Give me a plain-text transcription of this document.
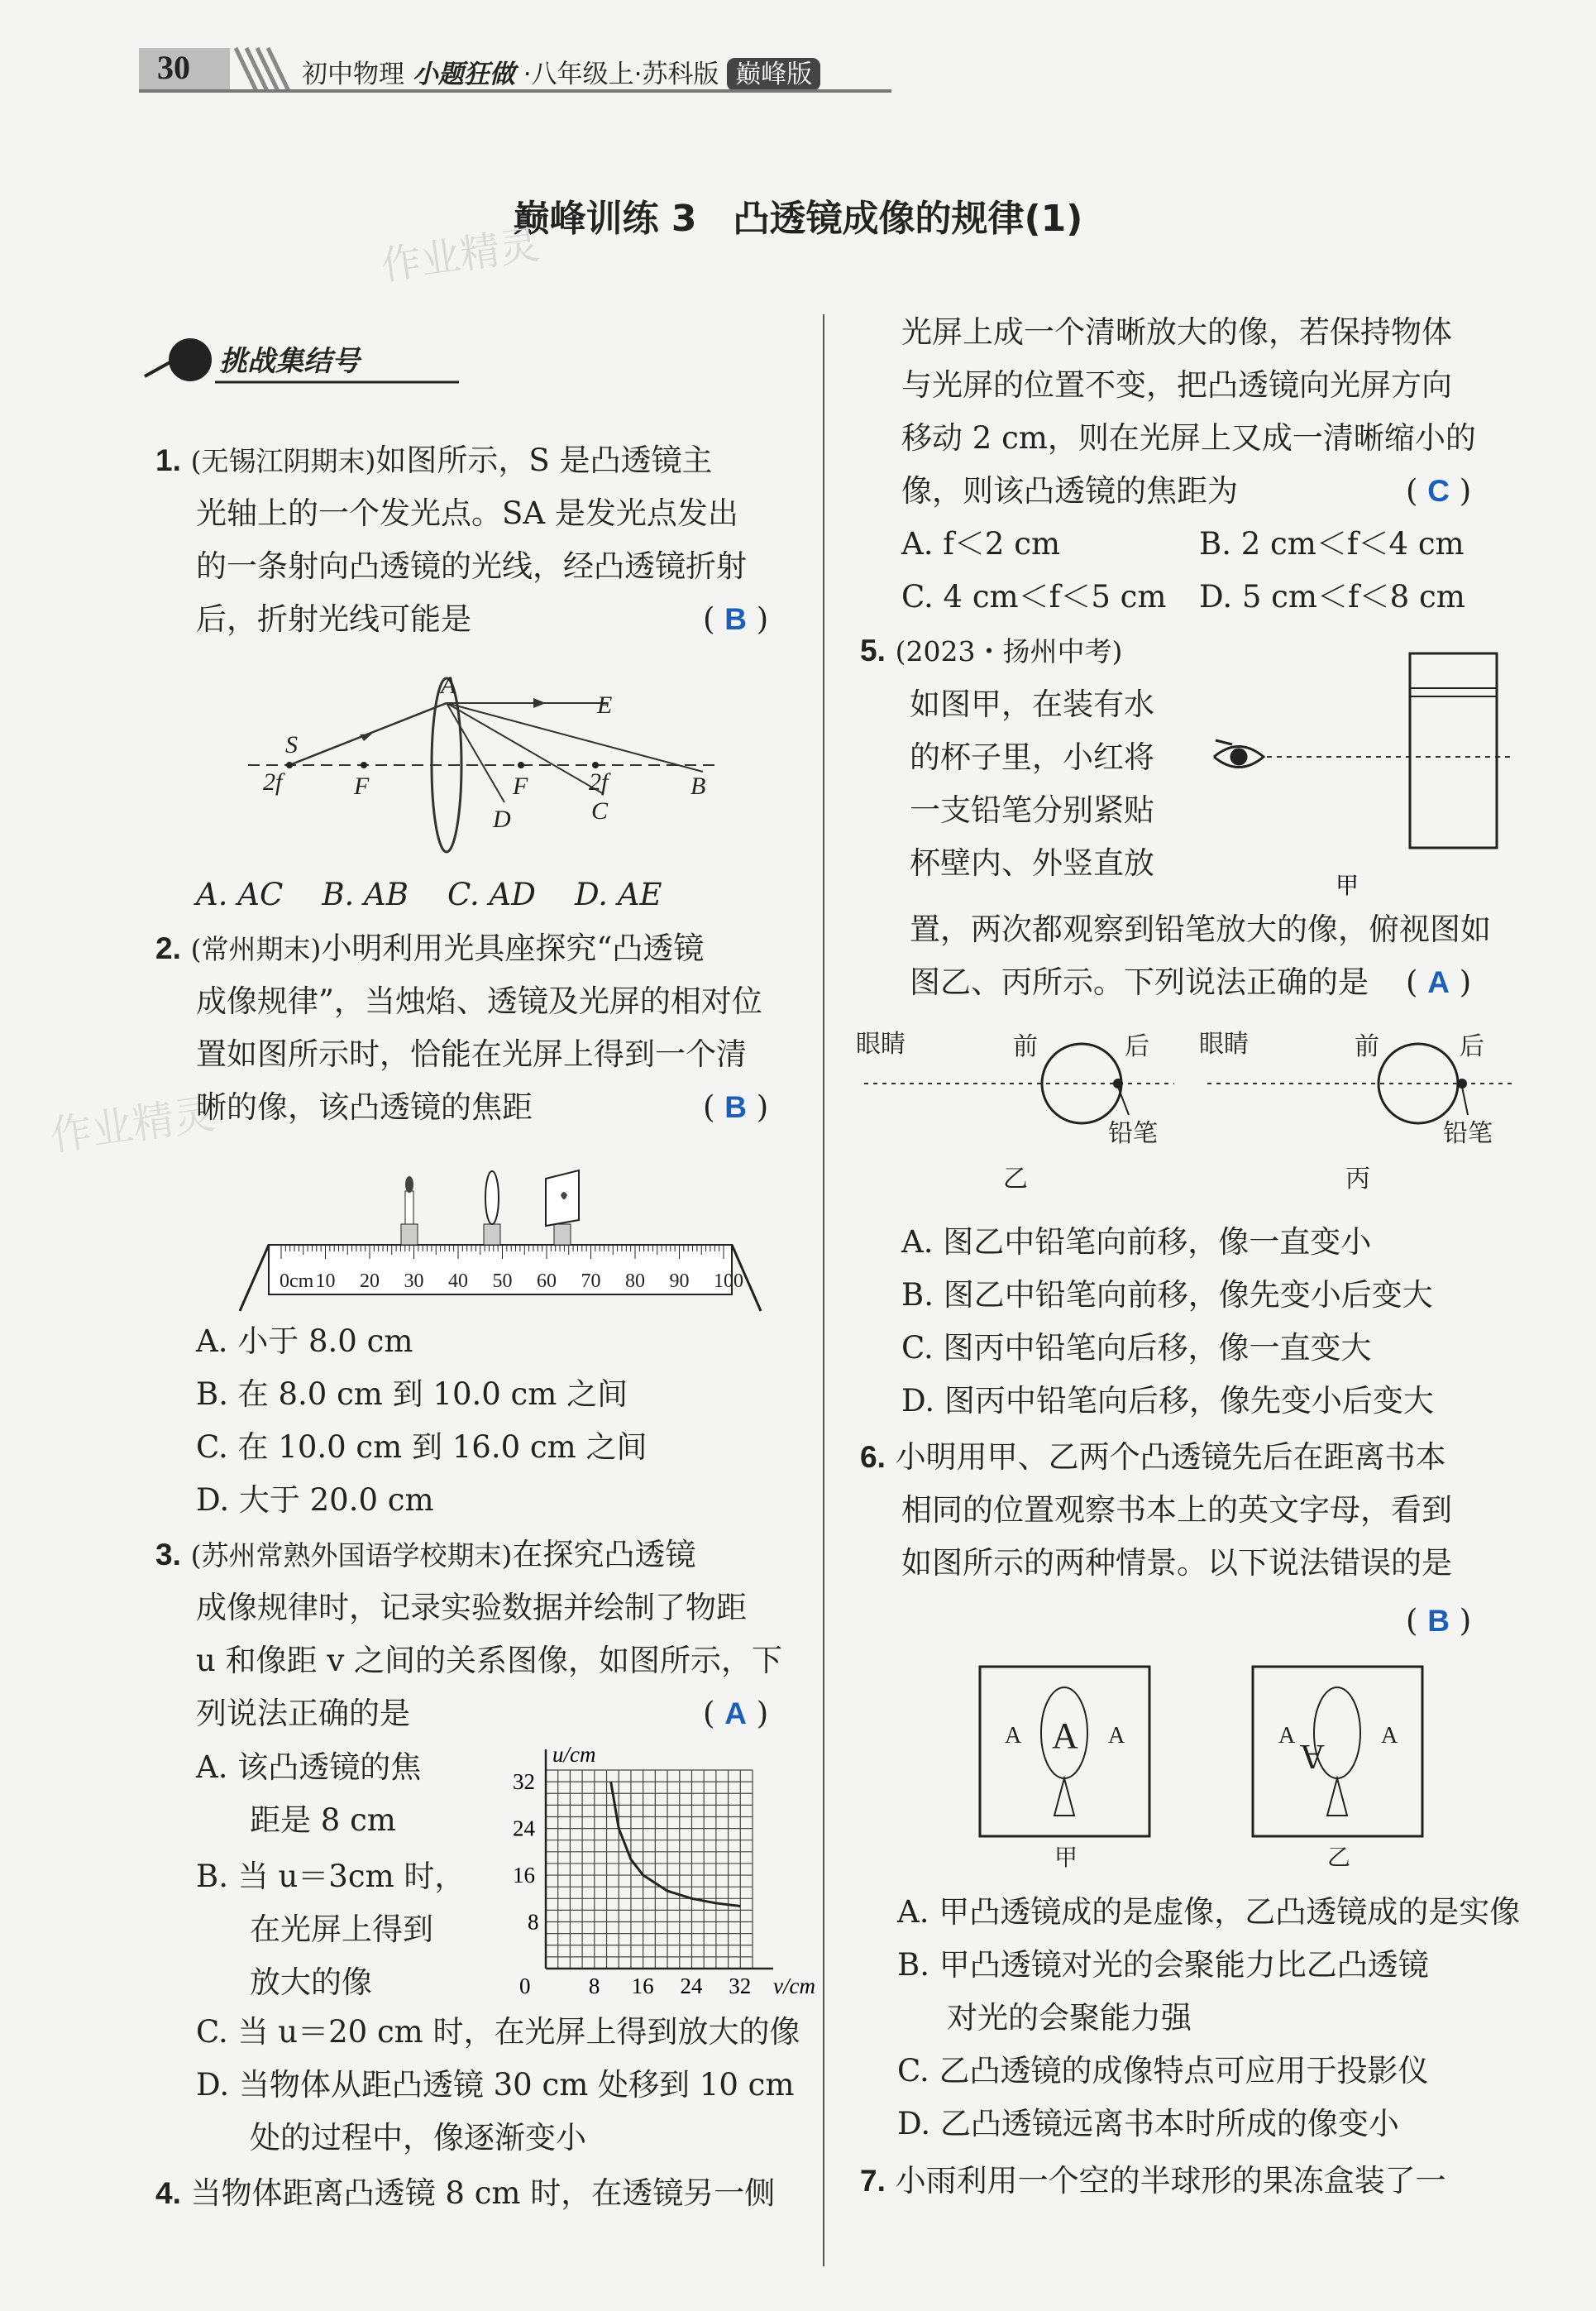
30	初中物理 小题狂做 ·八年级上·苏科版 巅峰版
巅峰训练 3　凸透镜成像的规律(1)
作业精灵
作业精灵
挑战集结号
1. (无锡江阴期末)如图所示，S 是凸透镜主
光轴上的一个发光点。SA 是发光点发出
的一条射向凸透镜的光线，经凸透镜折射
后，折射光线可能是	( B )
A
E
S
2f	F	F
D
2f
C
B
A. AC B. AB C. AD D. AE
2. (常州期末)小明利用光具座探究“凸透镜
成像规律”，当烛焰、透镜及光屏的相对位
置如图所示时，恰能在光屏上得到一个清
晰的像，该凸透镜的焦距	( B )
0cm 10 20 30 40 50 60 70 80 90 100
A. 小于 8.0 cm
B. 在 8.0 cm 到 10.0 cm 之间
C. 在 10.0 cm 到 16.0 cm 之间
D. 大于 20.0 cm
3. (苏州常熟外国语学校期末)在探究凸透镜
成像规律时，记录实验数据并绘制了物距
u 和像距 v 之间的关系图像，如图所示，下
列说法正确的是	( A )
A. 该凸透镜的焦
距是 8 cm
B. 当 u＝3cm 时，
在光屏上得到
放大的像
C. 当 u＝20 cm 时，在光屏上得到放大的像
D. 当物体从距凸透镜 30 cm 处移到 10 cm
处的过程中，像逐渐变小
0	8 16 24 32
8
16
24
32
u/cm
v/cm
4. 当物体距离凸透镜 8 cm 时，在透镜另一侧
光屏上成一个清晰放大的像，若保持物体
与光屏的位置不变，把凸透镜向光屏方向
移动 2 cm，则在光屏上又成一清晰缩小的
像，则该凸透镜的焦距为	( C )
A. f＜2 cm	B. 2 cm＜f＜4 cm
C. 4 cm＜f＜5 cm D. 5 cm＜f＜8 cm
5. (2023・扬州中考)
如图甲，在装有水
的杯子里，小红将
一支铅笔分别紧贴
杯壁内、外竖直放
置，两次都观察到铅笔放大的像，俯视图如
图乙、丙所示。下列说法正确的是 ( A )
甲
眼睛	前	后
铅笔
乙
眼睛	前	后
铅笔
丙
A. 图乙中铅笔向前移，像一直变小
B. 图乙中铅笔向前移，像先变小后变大
C. 图丙中铅笔向后移，像一直变大
D. 图丙中铅笔向后移，像先变小后变大
6. 小明用甲、乙两个凸透镜先后在距离书本
相同的位置观察书本上的英文字母，看到
如图所示的两种情景。以下说法错误的是
( B )
A A A
甲
A
A
A
乙
A. 甲凸透镜成的是虚像，乙凸透镜成的是实像
B. 甲凸透镜对光的会聚能力比乙凸透镜
对光的会聚能力强
C. 乙凸透镜的成像特点可应用于投影仪
D. 乙凸透镜远离书本时所成的像变小
7. 小雨利用一个空的半球形的果冻盒装了一
